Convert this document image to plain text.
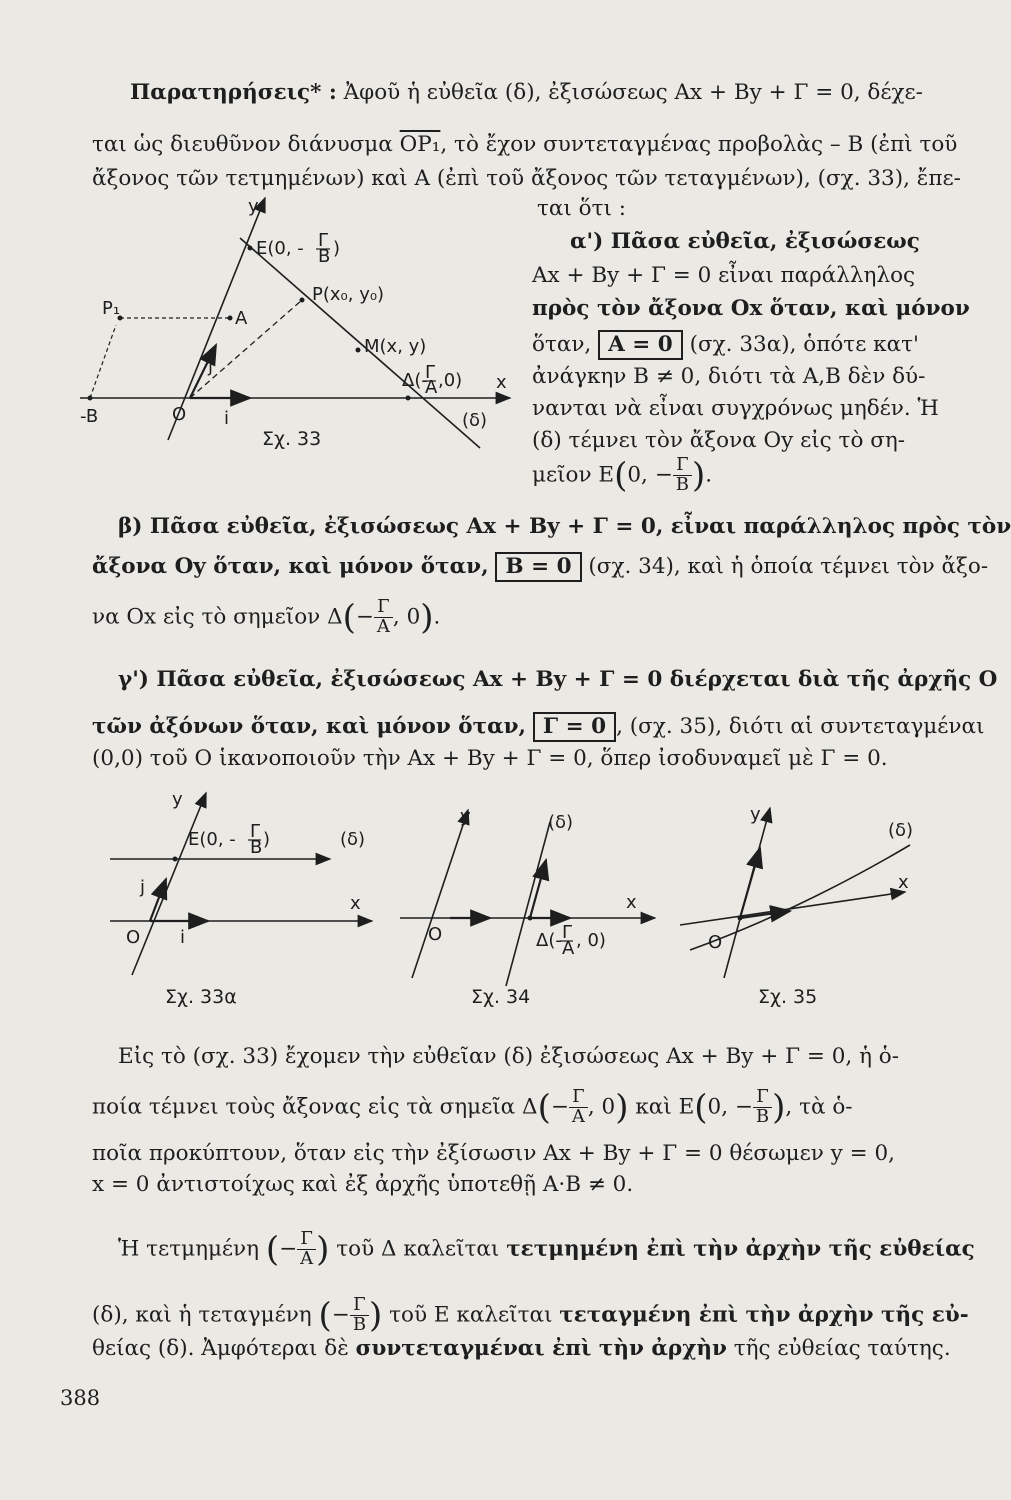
Παρατηρήσεις* : Ἀφοῦ ἡ εὐθεῖα (δ), ἐξισώσεως Ax + By + Γ = 0, δέχε-
ται ὡς διευθῦνον διάνυσμα OP₁, τὸ ἔχον συντεταγμένας προβολὰς – B (ἐπὶ τοῦ
ἄξονος τῶν τετμημένων) καὶ A (ἐπὶ τοῦ ἄξονος τῶν τεταγμένων), (σχ. 33), ἔπε-
ται ὅτι :
α') Πᾶσα εὐθεῖα, ἐξισώσεως
Ax + By + Γ = 0 εἶναι παράλληλος
πρὸς τὸν ἄξονα Ox ὅταν, καὶ μόνον
ὅταν, A = 0 (σχ. 33α), ὁπότε κατ'
ἀνάγκην B ≠ 0, διότι τὰ A,B δὲν δύ-
νανται νὰ εἶναι συγχρόνως μηδέν. Ἡ
(δ) τέμνει τὸν ἄξονα Oy εἰς τὸ ση-
μεῖον E(0, − $\frac{\Gamma}{B}$ ).
y
E(0, - Γ
B )
P(x₀, y₀)
P₁	A
M(x, y)
Δ(-
Γ
A ,0) x
j
i
O
-B	(δ)
Σχ. 33
β) Πᾶσα εὐθεῖα, ἐξισώσεως Ax + By + Γ = 0, εἶναι παράλληλος πρὸς τὸν
ἄξονα Oy ὅταν, καὶ μόνον ὅταν, B = 0 (σχ. 34), καὶ ἡ ὁποία τέμνει τὸν ἄξο-
να Ox εἰς τὸ σημεῖον $\Delta(- \frac{\Gamma}{A}$ , 0).
γ') Πᾶσα εὐθεῖα, ἐξισώσεως Ax + By + Γ = 0 διέρχεται διὰ τῆς ἀρχῆς O
τῶν ἀξόνων ὅταν, καὶ μόνον ὅταν, Γ = 0 , (σχ. 35), διότι αἱ συντεταγμέναι
(0,0) τοῦ O ἱκανοποιοῦν τὴν Ax + By + Γ = 0, ὅπερ ἰσοδυναμεῖ μὲ Γ = 0.
y
E(0, - Γ
B )	(δ)
j
x
O i
Σχ. 33α
y	(δ)
x
O	Δ(- Γ
A , 0)
Σχ. 34
y
(δ)
x
O
Σχ. 35
Εἰς τὸ (σχ. 33) ἔχομεν τὴν εὐθεῖαν (δ) ἐξισώσεως Ax + By + Γ = 0, ἡ ὁ-
ποία τέμνει τοὺς ἄξονας εἰς τὰ σημεῖα $\Delta(- \frac{\Gamma}{A}$ , 0) καὶ E(0, − $\frac{\Gamma}{B}$ ), τὰ ὁ-
ποῖα προκύπτουν, ὅταν εἰς τὴν ἐξίσωσιν Ax + By + Γ = 0 θέσωμεν y = 0,
x = 0 ἀντιστοίχως καὶ ἐξ ἀρχῆς ὑποτεθῇ A·B ≠ 0.
Ἡ τετμημένη (− $\frac{\Gamma}{A}$ ) τοῦ Δ καλεῖται τετμημένη ἐπὶ τὴν ἀρχὴν τῆς εὐθείας
(δ), καὶ ἡ τεταγμένη (− $\frac{\Gamma}{B}$ ) τοῦ E καλεῖται τεταγμένη ἐπὶ τὴν ἀρχὴν τῆς εὐ-
θείας (δ). Ἀμφότεραι δὲ συντεταγμέναι ἐπὶ τὴν ἀρχὴν τῆς εὐθείας ταύτης.
388
